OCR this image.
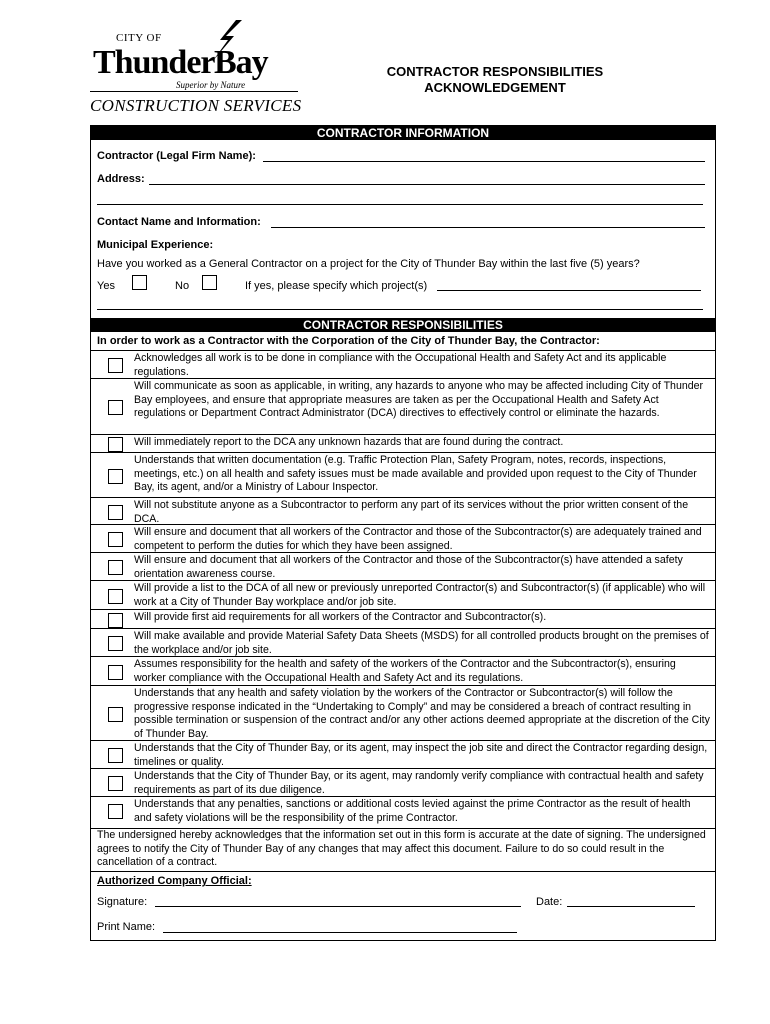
CITY OF
Thunder Bay
Superior by Nature
CONTRACTOR RESPONSIBILITIES
ACKNOWLEDGEMENT
CONSTRUCTION SERVICES
CONTRACTOR INFORMATION
Contractor (Legal Firm Name):
Address:
Contact Name and Information:
Municipal Experience:
Have you worked as a General Contractor on a project for the City of Thunder Bay within the last five (5) years?
Yes	No	If yes, please specify which project(s)
CONTRACTOR RESPONSIBILITIES
In order to work as a Contractor with the Corporation of the City of Thunder Bay, the Contractor:
Acknowledges all work is to be done in compliance with the Occupational Health and Safety Act and its applicable regulations.
Will communicate as soon as applicable, in writing, any hazards to anyone who may be affected including City of Thunder Bay employees, and ensure that appropriate measures are taken as per the Occupational Health and Safety Act regulations or Department Contract Administrator (DCA) directives to effectively control or eliminate the hazards.
Will immediately report to the DCA any unknown hazards that are found during the contract.
Understands that written documentation (e.g. Traffic Protection Plan, Safety Program, notes, records, inspections, meetings, etc.) on all health and safety issues must be made available and provided upon request to the City of Thunder Bay, its agent, and/or a Ministry of Labour Inspector.
Will not substitute anyone as a Subcontractor to perform any part of its services without the prior written consent of the DCA.
Will ensure and document that all workers of the Contractor and those of the Subcontractor(s) are adequately trained and competent to perform the duties for which they have been assigned.
Will ensure and document that all workers of the Contractor and those of the Subcontractor(s) have attended a safety orientation awareness course.
Will provide a list to the DCA of all new or previously unreported Contractor(s) and Subcontractor(s) (if applicable) who will work at a City of Thunder Bay workplace and/or job site.
Will provide first aid requirements for all workers of the Contractor and Subcontractor(s).
Will make available and provide Material Safety Data Sheets (MSDS) for all controlled products brought on the premises of the workplace and/or job site.
Assumes responsibility for the health and safety of the workers of the Contractor and the Subcontractor(s), ensuring worker compliance with the Occupational Health and Safety Act and its regulations.
Understands that any health and safety violation by the workers of the Contractor or Subcontractor(s) will follow the progressive response indicated in the “Undertaking to Comply” and may be considered a breach of contract resulting in possible termination or suspension of the contract and/or any other actions deemed appropriate at the discretion of the City of Thunder Bay.
Understands that the City of Thunder Bay, or its agent, may inspect the job site and direct the Contractor regarding design, timelines or quality.
Understands that the City of Thunder Bay, or its agent, may randomly verify compliance with contractual health and safety requirements as part of its due diligence.
Understands that any penalties, sanctions or additional costs levied against the prime Contractor as the result of health and safety violations will be the responsibility of the prime Contractor.
The undersigned hereby acknowledges that the information set out in this form is accurate at the date of signing. The undersigned agrees to notify the City of Thunder Bay of any changes that may affect this document. Failure to do so could result in the cancellation of a contract.
Authorized Company Official:
Signature:	Date:
Print Name:
